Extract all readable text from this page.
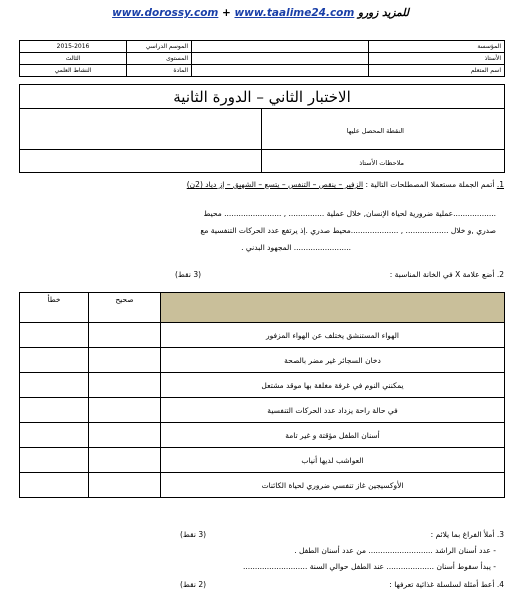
www.dorossy.com + www.taalime24.com للمزيد زورو
2015-2016	الموسم الدراسي		المؤسسة
الثالث	المستوى		الأستاذ
النشاط العلمي	المادة		اسم المتعلم
الاختبار الثاني – الدورة الثانية
النقطة المحصل عليها
ملاحظات الأستاذ
1. أتمم الجملة مستعملا المصطلحات التالية : الزفير – ينقص – التنفس – يتسع – الشهيق – إز دياد (2ن)
..................عملية ضرورية لحياة الإنسان, خلال عملية ............... , ........................ محيط
صدري ,و خلال .................. , ....................محيط صدري .إذ يرتفع عدد الحركات التنفسية مع
........................ المجهود البدني .
2. أضع علامة X في الخانة المناسبة :
(3 نقط)
خطأ	صحيح	
		الهواء المستنشق يختلف عن الهواء المزفور
		دخان السجائر غير مضر بالصحة
		يمكنني النوم في غرفة مغلقة بها موقد مشتعل
		في حالة راحة يزداد عدد الحركات التنفسية
		أسنان الطفل مؤقتة و غير تامة
		العواشب لديها أنياب
		الأوكسيجين غاز تنفسي ضروري لحياة الكائنات
3. أملأ الفراغ بما يلائم :
(3 نقط)
- عدد أسنان الراشد ........................... من عدد أسنان الطفل .
- يبدأ سقوط أسنان .................... عند الطفل حوالي السنة ...........................
4. أعط أمثلة لسلسلة غذائية تعرفها :
(2 نقط)
